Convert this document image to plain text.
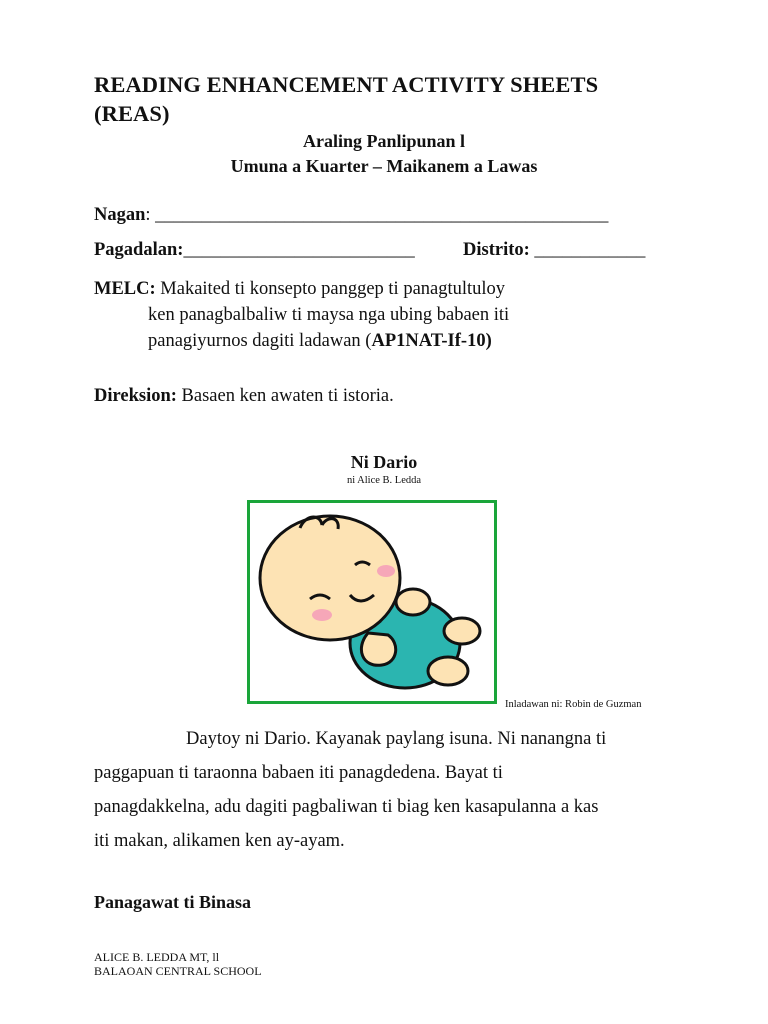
READING ENHANCEMENT ACTIVITY SHEETS
(REAS)
Araling Panlipunan l
Umuna a Kuarter – Maikanem a Lawas
Nagan: _________________________________________________
Pagadalan:_________________________	Distrito: ____________
MELC: Makaited ti konsepto panggep ti panagtultuloy
ken panagbalbaliw ti maysa nga ubing babaen iti
panagiyurnos dagiti ladawan (AP1NAT-If-10)
Direksion: Basaen ken awaten ti istoria.
Ni Dario
ni Alice B. Ledda
Inladawan ni: Robin de Guzman

Daytoy ni Dario. Kayanak paylang isuna. Ni nanangna ti

paggapuan ti taraonna babaen iti panagdedena. Bayat ti

panagdakkelna, adu dagiti pagbaliwan ti biag ken kasapulanna a kas

iti makan, alikamen ken ay-ayam.

Panagawat ti Binasa
ALICE B. LEDDA MT, ll
BALAOAN CENTRAL SCHOOL
